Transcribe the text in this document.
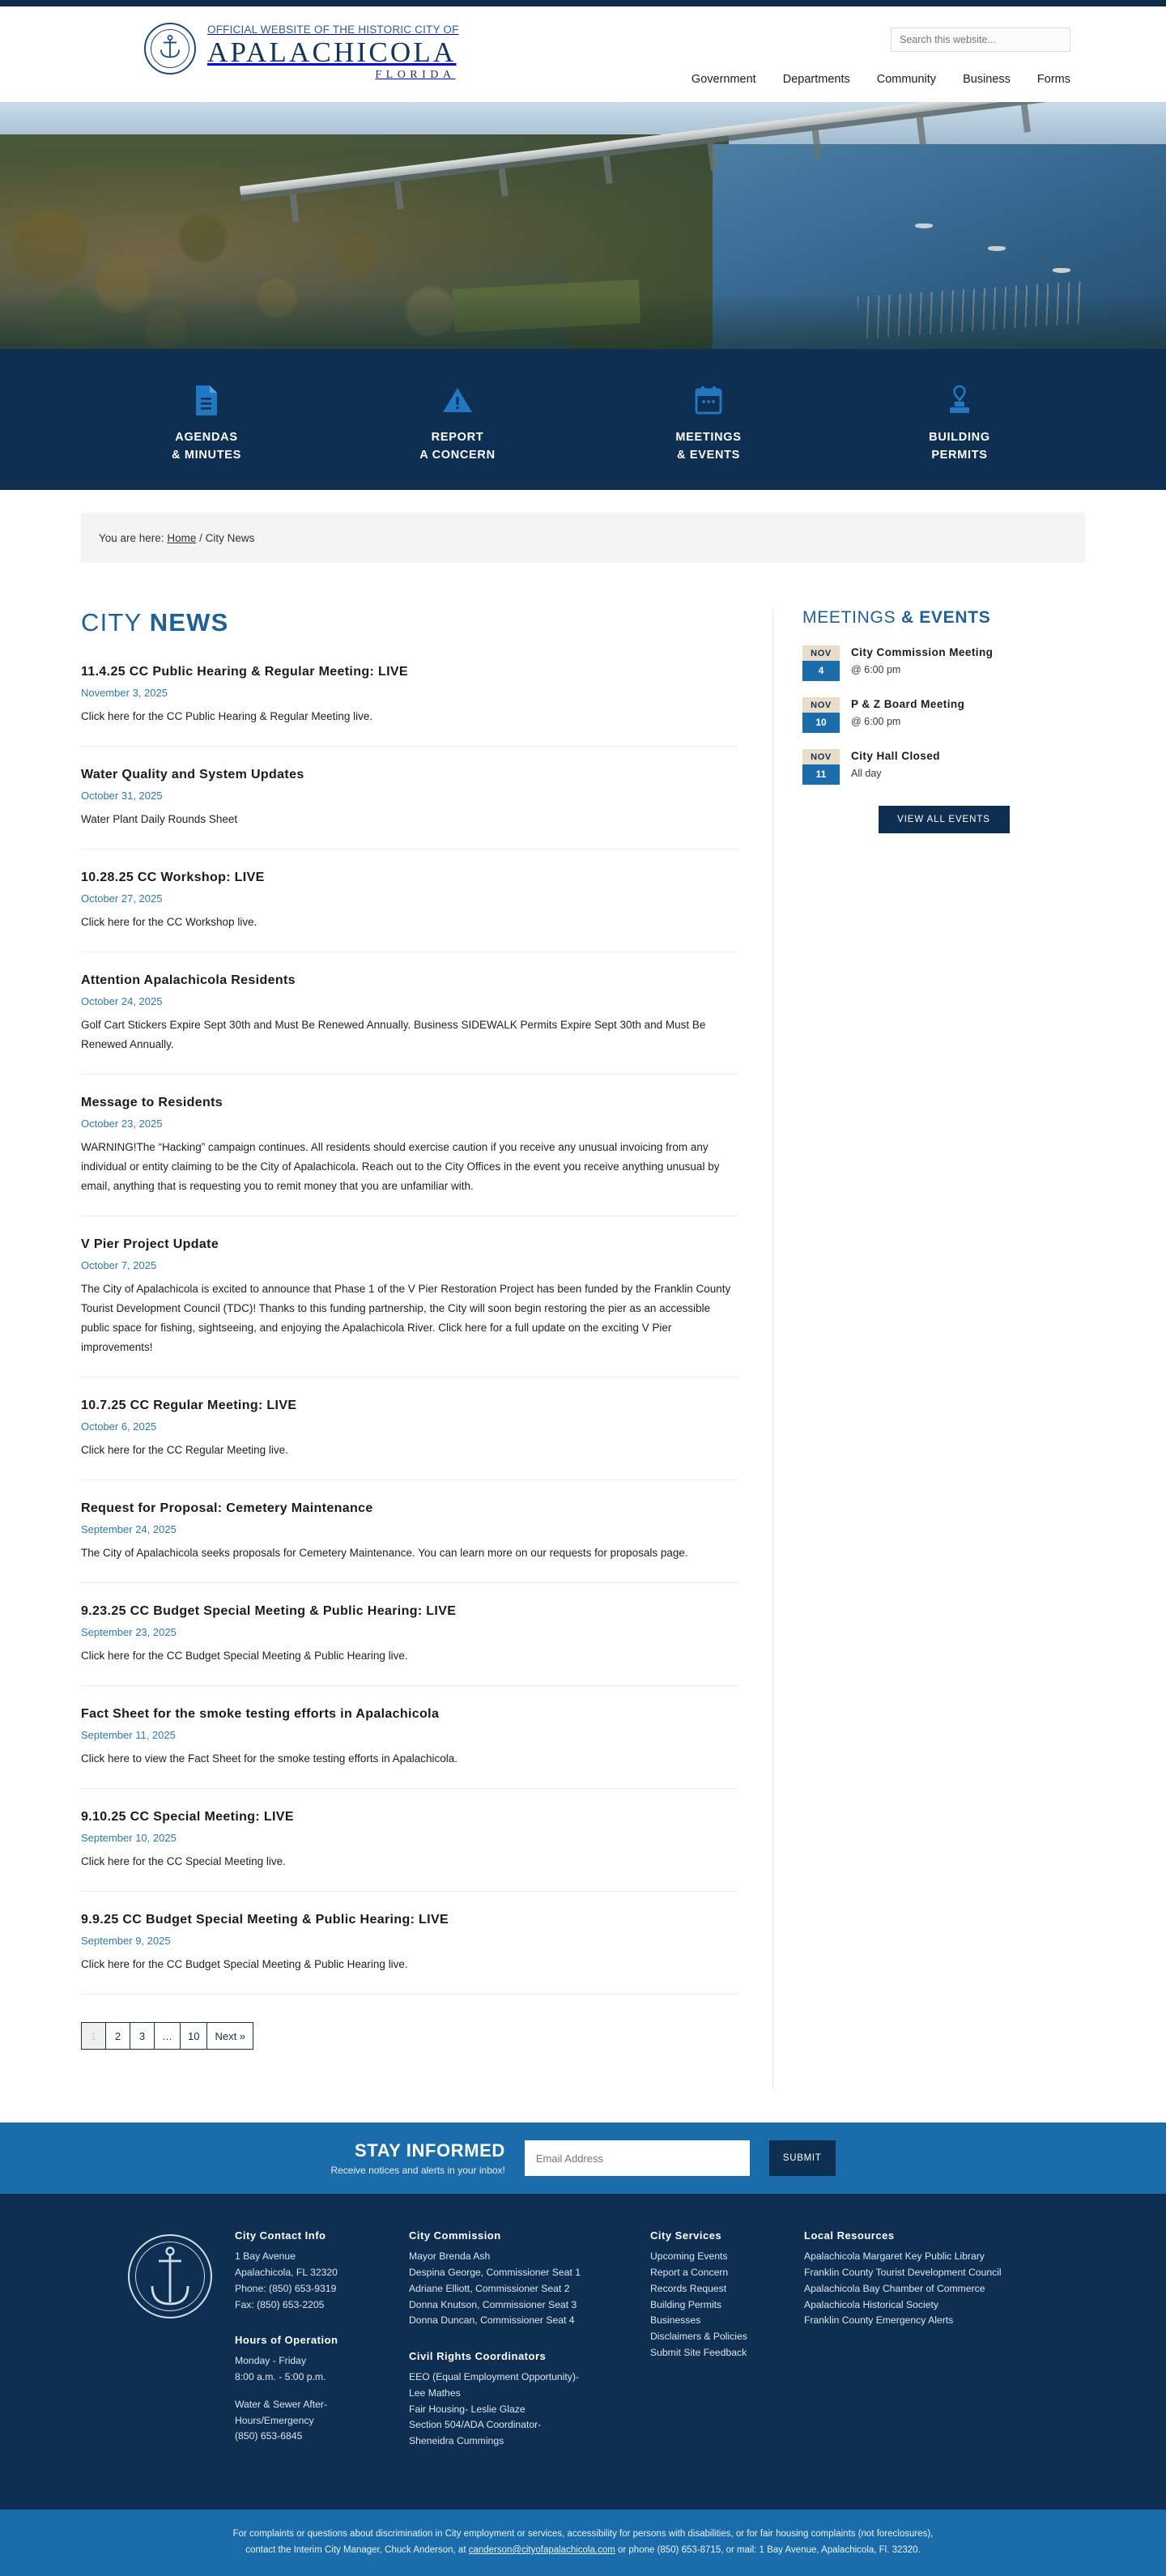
OFFICIAL WEBSITE OF THE HISTORIC CITY OF
APALACHICOLA
FLORIDA
Search this website...	Government Departments Community Business Forms
AGENDAS
& MINUTES
REPORT
A CONCERN
MEETINGS
& EVENTS
BUILDING
PERMITS
You are here:
Home
/
City News
CITY NEWS
11.4.25 CC Public Hearing & Regular Meeting: LIVE
November 3, 2025

Click here for the CC Public Hearing & Regular Meeting live.

Water Quality and System Updates
October 31, 2025

Water Plant Daily Rounds Sheet

10.28.25 CC Workshop: LIVE
October 27, 2025

Click here for the CC Workshop live.

Attention Apalachicola Residents
October 24, 2025

Golf Cart Stickers Expire Sept 30th and Must Be Renewed Annually. Business SIDEWALK Permits Expire Sept 30th and Must Be Renewed Annually.

Message to Residents
October 23, 2025

WARNING!The “Hacking” campaign continues. All residents should exercise caution if you receive any unusual invoicing from any individual or entity claiming to be the City of Apalachicola. Reach out to the City Offices in the event you receive anything unusual by email, anything that is requesting you to remit money that you are unfamiliar with.

V Pier Project Update
October 7, 2025

The City of Apalachicola is excited to announce that Phase 1 of the V Pier Restoration Project has been funded by the Franklin County Tourist Development Council (TDC)! Thanks to this funding partnership, the City will soon begin restoring the pier as an accessible public space for fishing, sightseeing, and enjoying the Apalachicola River. Click here for a full update on the exciting V Pier improvements!

10.7.25 CC Regular Meeting: LIVE
October 6, 2025

Click here for the CC Regular Meeting live.

Request for Proposal: Cemetery Maintenance
September 24, 2025

The City of Apalachicola seeks proposals for Cemetery Maintenance. You can learn more on our requests for proposals page.

9.23.25 CC Budget Special Meeting & Public Hearing: LIVE
September 23, 2025

Click here for the CC Budget Special Meeting & Public Hearing live.

Fact Sheet for the smoke testing efforts in Apalachicola
September 11, 2025

Click here to view the Fact Sheet for the smoke testing efforts in Apalachicola.

9.10.25 CC Special Meeting: LIVE
September 10, 2025

Click here for the CC Special Meeting live.

9.9.25 CC Budget Special Meeting & Public Hearing: LIVE
September 9, 2025

Click here for the CC Budget Special Meeting & Public Hearing live.

1	2	3	…	10	Next »
MEETINGS & EVENTS
NOV
4
City Commission Meeting
@ 6:00 pm
NOV
10
P & Z Board Meeting
@ 6:00 pm
NOV
11
City Hall Closed
All day
VIEW ALL EVENTS
STAY INFORMED
Receive notices and alerts in your inbox!
Email Address
SUBMIT
City Contact Info

1 Bay Avenue

Apalachicola, FL 32320

Phone: (850) 653-9319

Fax: (850) 653-2205

Hours of Operation

Monday - Friday

8:00 a.m. - 5:00 p.m.

Water & Sewer After-

Hours/Emergency

(850) 653-6845

City Commission

Mayor Brenda Ash

Despina George, Commissioner Seat 1

Adriane Elliott, Commissioner Seat 2

Donna Knutson, Commissioner Seat 3

Donna Duncan, Commissioner Seat 4

Civil Rights Coordinators

EEO (Equal Employment Opportunity)-

Lee Mathes

Fair Housing- Leslie Glaze

Section 504/ADA Coordinator-

Sheneidra Cummings

City Services
Upcoming Events
Report a Concern
Records Request
Building Permits
Businesses
Disclaimers & Policies
Submit Site Feedback
Local Resources
Apalachicola Margaret Key Public Library
Franklin County Tourist Development Council
Apalachicola Bay Chamber of Commerce
Apalachicola Historical Society
Franklin County Emergency Alerts

For complaints or questions about discrimination in City employment or services, accessibility for persons with disabilities, or for fair housing complaints (not foreclosures),

contact the Interim City Manager, Chuck Anderson, at canderson@cityofapalachicola.com or phone (850) 653-8715, or mail: 1 Bay Avenue, Apalachicola, Fl. 32320.
